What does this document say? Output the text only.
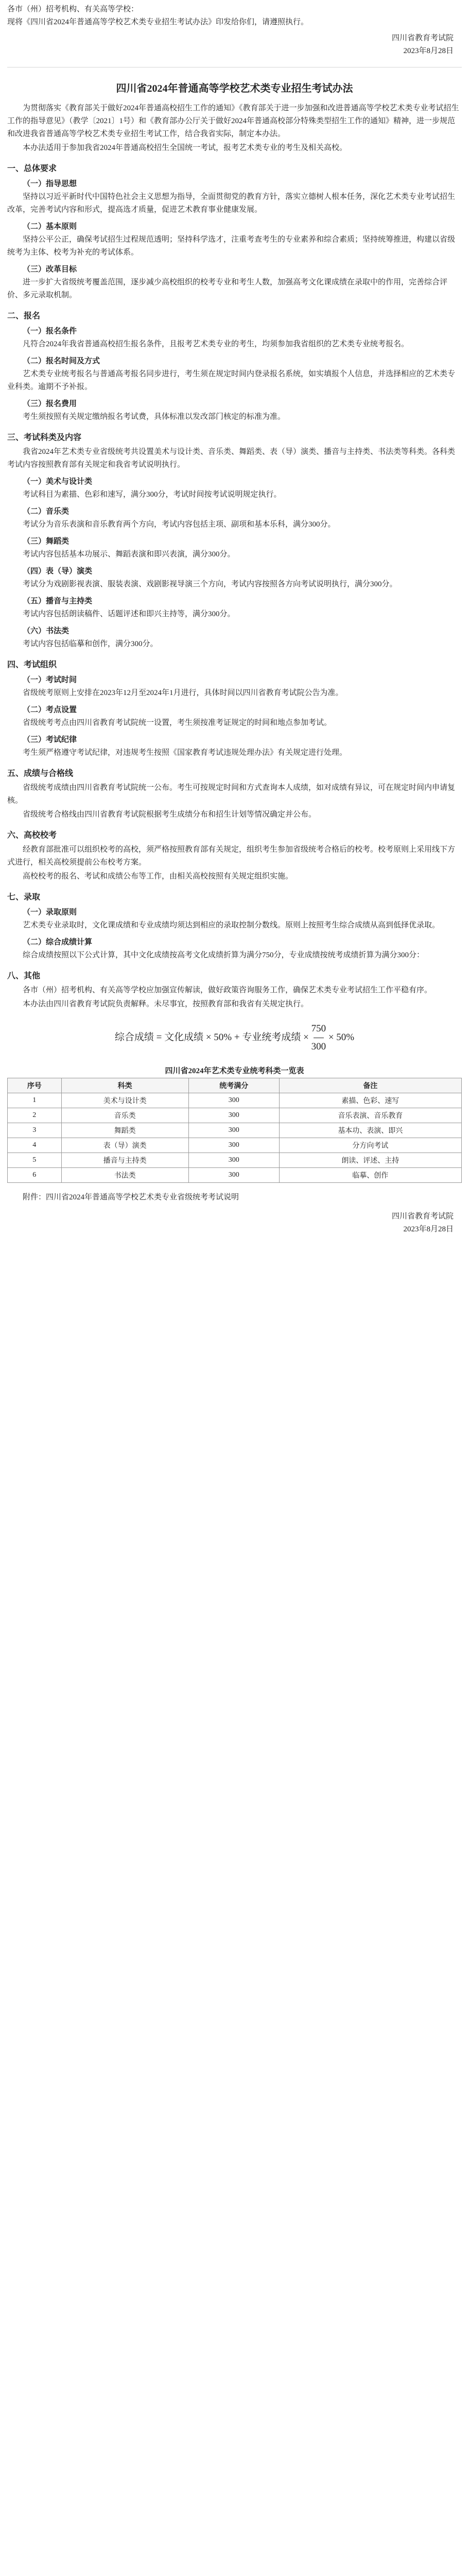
各市（州）招考机构、有关高等学校：
现将《四川省2024年普通高等学校艺术类专业招生考试办法》印发给你们，请遵照执行。
四川省教育考试院
2023年8月28日
四川省2024年普通高等学校艺术类专业招生考试办法

为贯彻落实《教育部关于做好2024年普通高校招生工作的通知》《教育部关于进一步加强和改进普通高等学校艺术类专业考试招生工作的指导意见》（教学〔2021〕1号）和《教育部办公厅关于做好2024年普通高校部分特殊类型招生工作的通知》精神，进一步规范和改进我省普通高等学校艺术类专业招生考试工作，结合我省实际，制定本办法。

本办法适用于参加我省2024年普通高校招生全国统一考试，报考艺术类专业的考生及相关高校。

一、总体要求
（一）指导思想

坚持以习近平新时代中国特色社会主义思想为指导，全面贯彻党的教育方针，落实立德树人根本任务，深化艺术类专业考试招生改革，完善考试内容和形式，提高选才质量，促进艺术教育事业健康发展。

（二）基本原则

坚持公平公正，确保考试招生过程规范透明；坚持科学选才，注重考查考生的专业素养和综合素质；坚持统筹推进，构建以省级统考为主体、校考为补充的考试体系。

（三）改革目标

进一步扩大省级统考覆盖范围，逐步减少高校组织的校考专业和考生人数，加强高考文化课成绩在录取中的作用，完善综合评价、多元录取机制。

二、报名
（一）报名条件

凡符合2024年我省普通高校招生报名条件，且报考艺术类专业的考生，均须参加我省组织的艺术类专业统考报名。

（二）报名时间及方式

艺术类专业统考报名与普通高考报名同步进行，考生须在规定时间内登录报名系统，如实填报个人信息，并选择相应的艺术类专业科类。逾期不予补报。

（三）报名费用

考生须按照有关规定缴纳报名考试费，具体标准以发改部门核定的标准为准。

三、考试科类及内容

我省2024年艺术类专业省级统考共设置美术与设计类、音乐类、舞蹈类、表（导）演类、播音与主持类、书法类等科类。各科类考试内容按照教育部有关规定和我省考试说明执行。

（一）美术与设计类

考试科目为素描、色彩和速写，满分300分，考试时间按考试说明规定执行。

（二）音乐类

考试分为音乐表演和音乐教育两个方向，考试内容包括主项、副项和基本乐科，满分300分。

（三）舞蹈类

考试内容包括基本功展示、舞蹈表演和即兴表演，满分300分。

（四）表（导）演类

考试分为戏剧影视表演、服装表演、戏剧影视导演三个方向，考试内容按照各方向考试说明执行，满分300分。

（五）播音与主持类

考试内容包括朗读稿件、话题评述和即兴主持等，满分300分。

（六）书法类

考试内容包括临摹和创作，满分300分。

四、考试组织
（一）考试时间

省级统考原则上安排在2023年12月至2024年1月进行，具体时间以四川省教育考试院公告为准。

（二）考点设置

省级统考考点由四川省教育考试院统一设置，考生须按准考证规定的时间和地点参加考试。

（三）考试纪律

考生须严格遵守考试纪律，对违规考生按照《国家教育考试违规处理办法》有关规定进行处理。

五、成绩与合格线

省级统考成绩由四川省教育考试院统一公布。考生可按规定时间和方式查询本人成绩，如对成绩有异议，可在规定时间内申请复核。

省级统考合格线由四川省教育考试院根据考生成绩分布和招生计划等情况确定并公布。

六、高校校考

经教育部批准可以组织校考的高校，须严格按照教育部有关规定，组织考生参加省级统考合格后的校考。校考原则上采用线下方式进行，相关高校须提前公布校考方案。

高校校考的报名、考试和成绩公布等工作，由相关高校按照有关规定组织实施。

七、录取
（一）录取原则

艺术类专业录取时，文化课成绩和专业成绩均须达到相应的录取控制分数线。原则上按照考生综合成绩从高到低择优录取。

（二）综合成绩计算

综合成绩按照以下公式计算，其中文化成绩按高考文化成绩折算为满分750分，专业成绩按统考成绩折算为满分300分：

八、其他

各市（州）招考机构、有关高等学校应加强宣传解读，做好政策咨询服务工作，确保艺术类专业考试招生工作平稳有序。

本办法由四川省教育考试院负责解释。未尽事宜，按照教育部和我省有关规定执行。

综合成绩 = 文化成绩 × 50% + 专业统考成绩 × $\frac{750}{300} \times 50\%$
四川省2024年艺术类专业统考科类一览表
序号	科类	统考满分	备注
1	美术与设计类	300	素描、色彩、速写
2	音乐类	300	音乐表演、音乐教育
3	舞蹈类	300	基本功、表演、即兴
4	表（导）演类	300	分方向考试
5	播音与主持类	300	朗读、评述、主持
6	书法类	300	临摹、创作

附件：四川省2024年普通高等学校艺术类专业省级统考考试说明

四川省教育考试院
2023年8月28日
